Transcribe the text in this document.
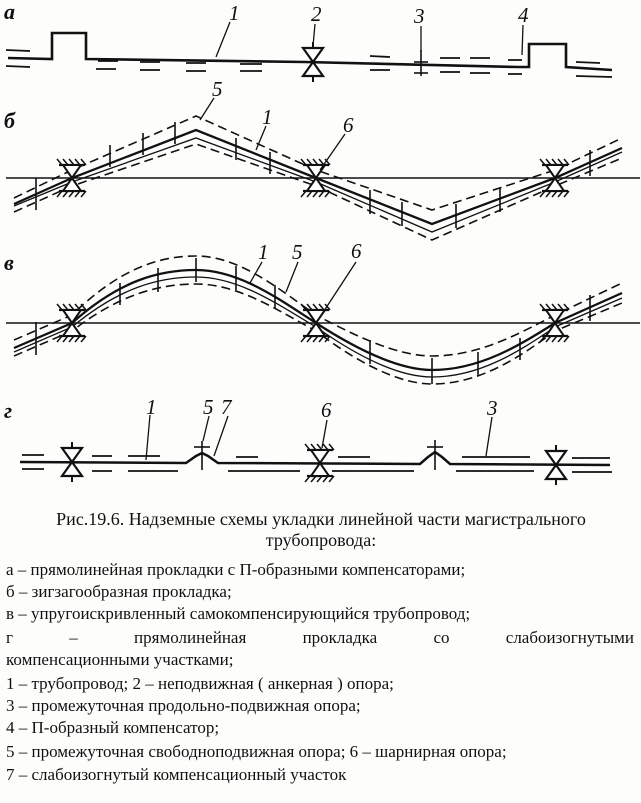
а	1	2	3	4
б
5
1	6
в	1 5 6
г	1 5 7	6	3
Рис.19.6. Надземные схемы укладки линейной части магистрального
трубопровода:
а – прямолинейная прокладки с П-образными компенсаторами;
б – зигзагообразная прокладка;
в – упругоискривленный самокомпенсирующийся трубопровод;
г	–	прямолинейная	прокладка	со	слабоизогнутыми
компенсационными участками;
1 – трубопровод; 2 – неподвижная ( анкерная ) опора;
3 – промежуточная продольно-подвижная опора;
4 – П-образный компенсатор;
5 – промежуточная свободноподвижная опора; 6 – шарнирная опора;
7 – слабоизогнутый компенсационный участок
